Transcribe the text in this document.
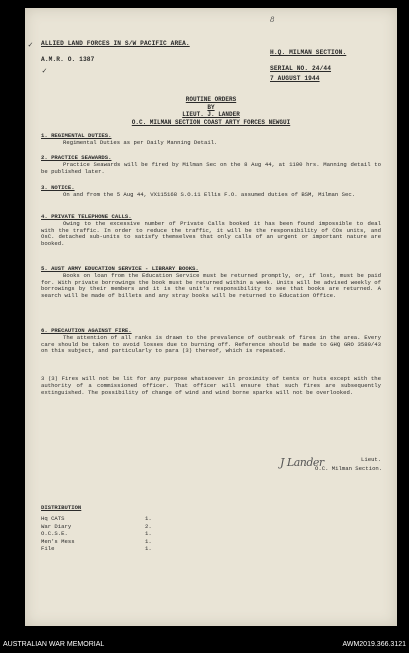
8
✓
✓
ALLIED LAND FORCES IN S/W PACIFIC AREA.
A.M.R. O. 1387
H.Q. MILMAN SECTION.
SERIAL NO. 24/44
7 AUGUST 1944
ROUTINE ORDERS
BY
LIEUT. J. LANDER
O.C. MILMAN SECTION COAST ARTY FORCES NEWGUI
1. REGIMENTAL DUTIES.

Regimental Duties as per Daily Manning Detail.

2. PRACTICE SEAWARDS.

Practice Seawards will be fired by Milman Sec on the 8 Aug 44, at 1100 hrs. Manning detail to be published later.

3. NOTICE.

On and from the 5 Aug 44, VX115168 S.O.11 Ellis F.O. assumed duties of BSM, Milman Sec.

4. PRIVATE TELEPHONE CALLS.

Owing to the excessive number of Private Calls booked it has been found impossible to deal with the traffic. In order to reduce the traffic, it will be the responsibility of COs units, and OsC. detached sub-units to satisfy themselves that only calls of an urgent or important nature are booked.

5. AUST ARMY EDUCATION SERVICE - LIBRARY BOOKS.

Books on loan from the Education Service must be returned promptly, or, if lost, must be paid for. With private borrowings the book must be returned within a week. Units will be advised weekly of borrowings by their members and it is the unit's responsibility to see that books are returned. A search will be made of billets and any stray books will be returned to Education Office.

6. PRECAUTION AGAINST FIRE.

The attention of all ranks is drawn to the prevalence of outbreak of fires in the area. Every care should be taken to avoid losses due to burning off. Reference should be made to GHQ GRO 3580/43 on this subject, and particularly to para (3) thereof, which is repeated.

3 (3) Fires will not be lit for any purpose whatsoever in proximity of tents or huts except with the authority of a commissioned officer. That officer will ensure that such fires are subsequently extinguished. The possibility of change of wind and wind borne sparks will not be overlooked.

J Lander	Lieut.
O.C. Milman Section.
DISTRIBUTION
Hq CATS	1.
War Diary	2.
O.C.S.E.	1.
Men's Mess	1.
File	1.
AUSTRALIAN WAR MEMORIAL	AWM2019.366.3121
